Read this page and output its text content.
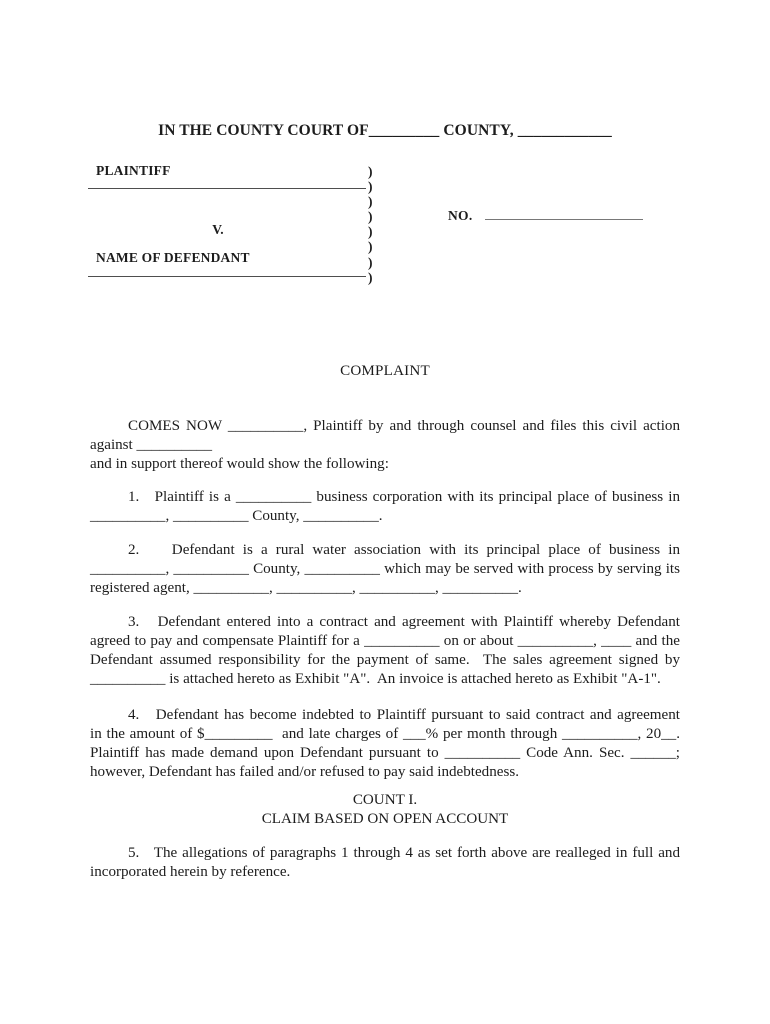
IN THE COUNTY COURT OF_________ COUNTY, ____________
PLAINTIFF
V.
NAME OF DEFENDANT
)
)
)
)
)
)
)
)
NO.
COMPLAINT
COMES NOW __________, Plaintiff by and through counsel and files this civil action
against __________
and in support thereof would show the following:
1.   Plaintiff is a __________ business corporation with its principal place of business in
__________, __________ County, __________.
2.    Defendant is a rural water association with its principal place of business in
__________, __________ County, __________ which may be served with process by serving its
registered agent, __________, __________, __________, __________.
3.   Defendant entered into a contract and agreement with Plaintiff whereby Defendant
agreed to pay and compensate Plaintiff for a __________ on or about __________, ____ and the
Defendant assumed responsibility for the payment of same.  The sales agreement signed by
__________ is attached hereto as Exhibit "A".  An invoice is attached hereto as Exhibit "A-1".
4.   Defendant has become indebted to Plaintiff pursuant to said contract and agreement
in the amount of $_________  and late charges of ___% per month through __________, 20__.
Plaintiff has made demand upon Defendant pursuant to __________ Code Ann. Sec. ______;
however, Defendant has failed and/or refused to pay said indebtedness.
COUNT I.
CLAIM BASED ON OPEN ACCOUNT
5.   The allegations of paragraphs 1 through 4 as set forth above are realleged in full and
incorporated herein by reference.
